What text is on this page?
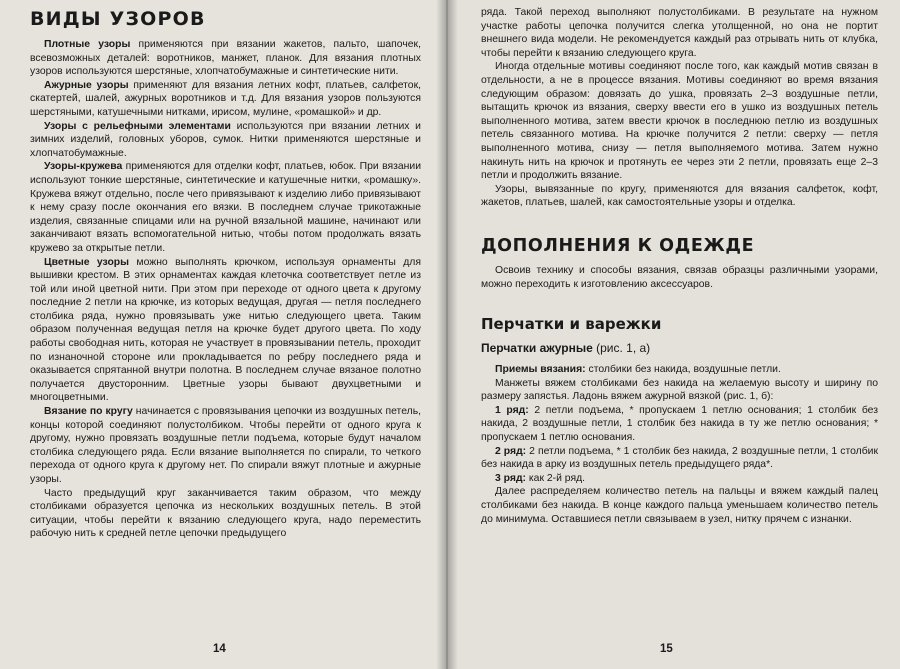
ВИДЫ УЗОРОВ

Плотные узоры применяются при вязании жакетов, пальто, шапочек, всевозможных деталей: воротников, манжет, планок. Для вязания плотных узоров используются шерстяные, хлопчатобумажные и синтетические нити.

Ажурные узоры применяют для вязания летних кофт, платьев, салфеток, скатертей, шалей, ажурных воротников и т.д. Для вязания узоров пользуются шерстяными, катушечными нитками, ирисом, мулине, «ромашкой» и др.

Узоры с рельефными элементами используются при вязании летних и зимних изделий, головных уборов, сумок. Нитки применяются шерстяные и хлопчатобумажные.

Узоры-кружева применяются для отделки кофт, платьев, юбок. При вязании используют тонкие шерстяные, синтетические и катушечные нитки, «ромашку». Кружева вяжут отдельно, после чего привязывают к изделию либо привязывают к нему сразу после окончания его вязки. В последнем случае трикотажные изделия, связанные спицами или на ручной вязальной машине, начинают или заканчивают вязать вспомогательной нитью, чтобы потом продолжать вязать кружево за открытые петли.

Цветные узоры можно выполнять крючком, используя орнаменты для вышивки крестом. В этих орнаментах каждая клеточка соответствует петле из той или иной цветной нити. При этом при переходе от одного цвета к другому последние 2 петли на крючке, из которых ведущая, другая — петля последнего столбика ряда, нужно провязывать уже нитью следующего цвета. Таким образом полученная ведущая петля на крючке будет другого цвета. По ходу работы свободная нить, которая не участвует в провязывании петель, проходит по изнаночной стороне или прокладывается по ребру последнего ряда и оказывается спрятанной внутри полотна. В последнем случае вязаное полотно получается двусторонним. Цветные узоры бывают двухцветными и многоцветными.

Вязание по кругу начинается с провязывания цепочки из воздушных петель, концы которой соединяют полустолбиком. Чтобы перейти от одного круга к другому, нужно провязать воздушные петли подъема, которые будут началом столбика следующего ряда. Если вязание выполняется по спирали, то четкого перехода от одного круга к другому нет. По спирали вяжут плотные и ажурные узоры.

Часто предыдущий круг заканчивается таким образом, что между столбиками образуется цепочка из нескольких воздушных петель. В этой ситуации, чтобы перейти к вязанию следующего круга, надо переместить рабочую нить к средней петле цепочки предыдущего

14

ряда. Такой переход выполняют полустолбиками. В результате на нужном участке работы цепочка получится слегка утолщенной, но она не портит внешнего вида модели. Не рекомендуется каждый раз отрывать нить от клубка, чтобы перейти к вязанию следующего круга.

Иногда отдельные мотивы соединяют после того, как каждый мотив связан в отдельности, а не в процессе вязания. Мотивы соединяют во время вязания следующим образом: довязать до ушка, провязать 2–3 воздушные петли, вытащить крючок из вязания, сверху ввести его в ушко из воздушных петель выполненного мотива, затем ввести крючок в последнюю петлю из воздушных петель связанного мотива. На крючке получится 2 петли: сверху — петля выполненного мотива, снизу — петля выполняемого мотива. Затем нужно накинуть нить на крючок и протянуть ее через эти 2 петли, провязать еще 2–3 петли и продолжить вязание.

Узоры, вывязанные по кругу, применяются для вязания салфеток, кофт, жакетов, платьев, шалей, как самостоятельные узоры и отделка.

ДОПОЛНЕНИЯ К ОДЕЖДЕ

Освоив технику и способы вязания, связав образцы различными узорами, можно переходить к изготовлению аксессуаров.

Перчатки и варежки
Перчатки ажурные (рис. 1, а)

Приемы вязания: столбики без накида, воздушные петли.

Манжеты вяжем столбиками без накида на желаемую высоту и ширину по размеру запястья. Ладонь вяжем ажурной вязкой (рис. 1, б):

1 ряд: 2 петли подъема, * пропускаем 1 петлю основания; 1 столбик без накида, 2 воздушные петли, 1 столбик без накида в ту же петлю основания; * пропускаем 1 петлю основания.

2 ряд: 2 петли подъема, * 1 столбик без накида, 2 воздушные петли, 1 столбик без накида в арку из воздушных петель предыдущего ряда*.

3 ряд: как 2-й ряд.

Далее распределяем количество петель на пальцы и вяжем каждый палец столбиками без накида. В конце каждого пальца уменьшаем количество петель до минимума. Оставшиеся петли связываем в узел, нитку прячем с изнанки.

15
